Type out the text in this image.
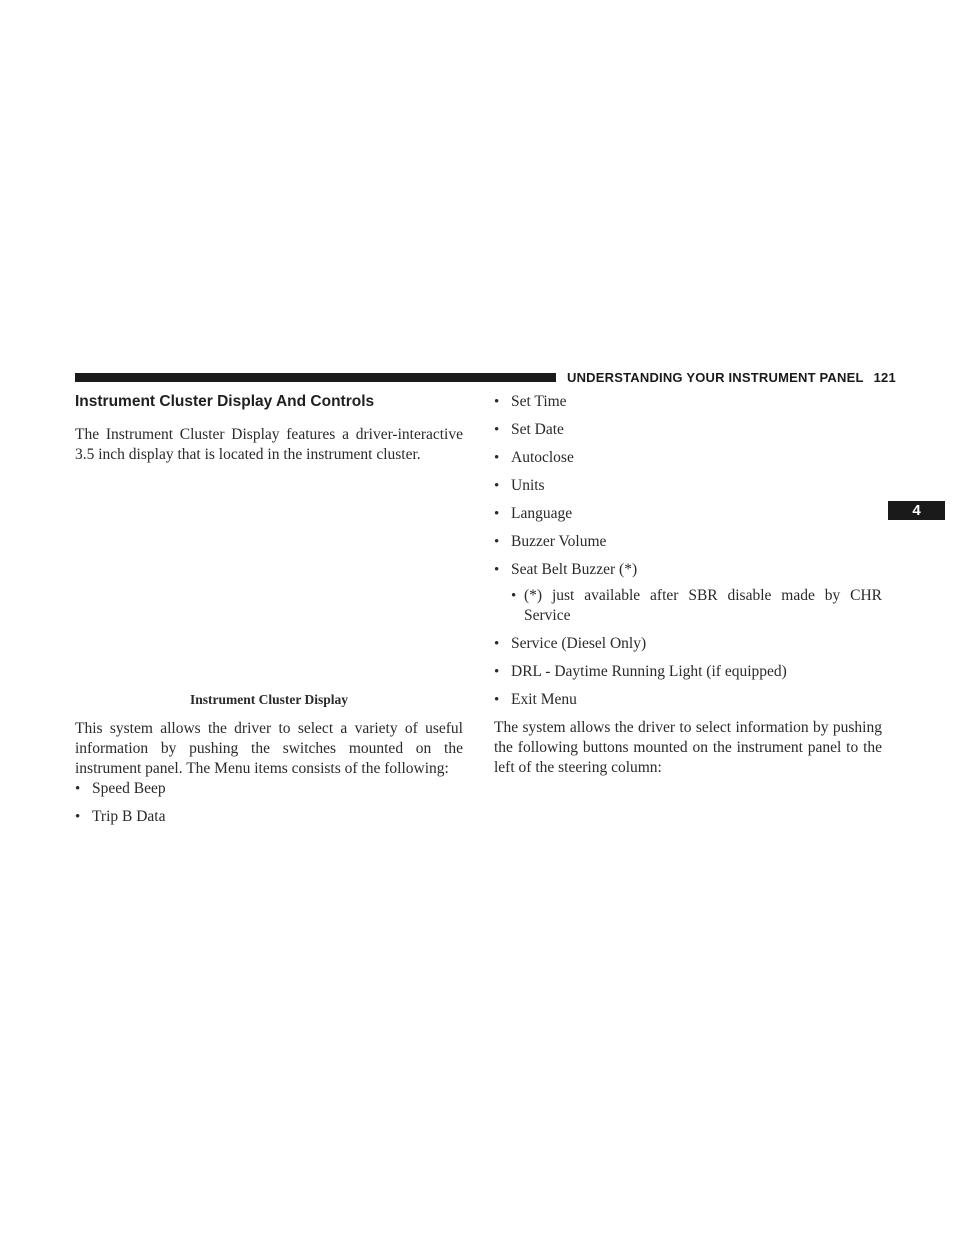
UNDERSTANDING YOUR INSTRUMENT PANEL 121
4
Instrument Cluster Display And Controls

The Instrument Cluster Display features a driver-interactive 3.5 inch display that is located in the instrument cluster.

Instrument Cluster Display

This system allows the driver to select a variety of useful information by pushing the switches mounted on the instrument panel. The Menu items consists of the following:

• Speed Beep
• Trip B Data
• Set Time
• Set Date
• Autoclose
• Units
• Language
• Buzzer Volume
• Seat Belt Buzzer (*)
• (*) just available after SBR disable made by CHR Service
• Service (Diesel Only)
• DRL - Daytime Running Light (if equipped)
• Exit Menu

The system allows the driver to select information by pushing the following buttons mounted on the instrument panel to the left of the steering column:
